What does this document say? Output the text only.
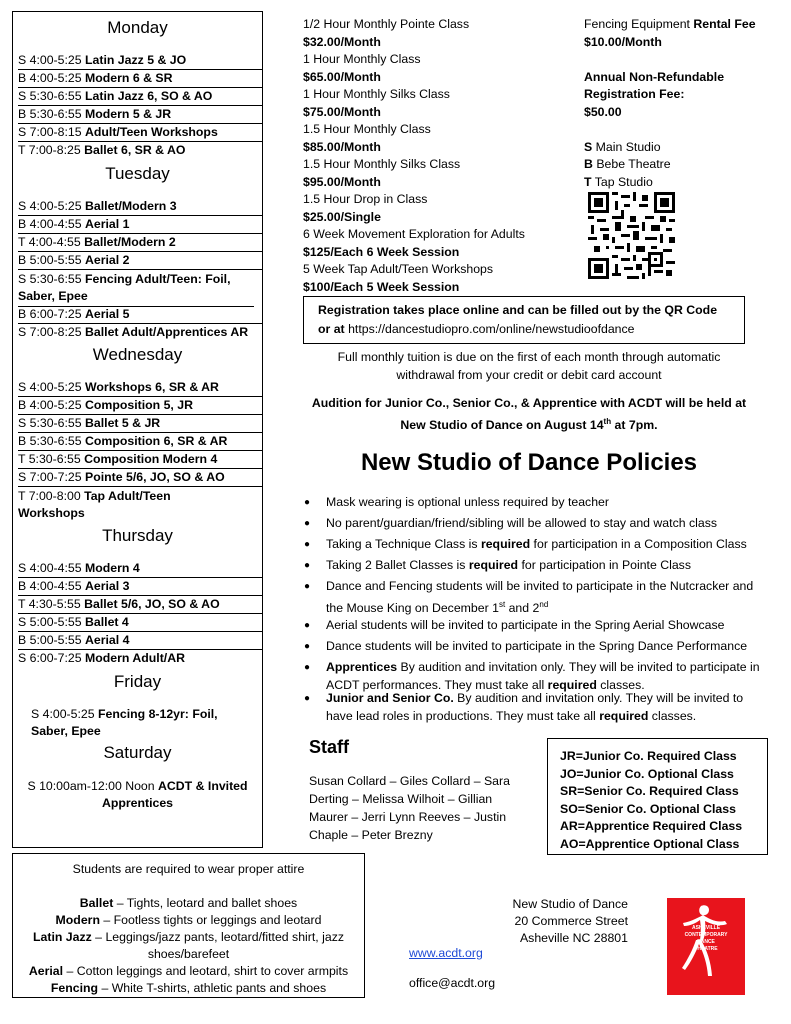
Monday
S 4:00-5:25 Latin Jazz 5 & JO
B 4:00-5:25 Modern 6 & SR
S 5:30-6:55 Latin Jazz 6, SO & AO
B 5:30-6:55 Modern 5 & JR
S 7:00-8:15 Adult/Teen Workshops
T 7:00-8:25 Ballet 6, SR & AO
Tuesday
S 4:00-5:25 Ballet/Modern 3
B 4:00-4:55 Aerial 1
T 4:00-4:55 Ballet/Modern 2
B 5:00-5:55 Aerial 2
S 5:30-6:55 Fencing Adult/Teen: Foil, Saber, Epee
B 6:00-7:25 Aerial 5
S 7:00-8:25 Ballet Adult/Apprentices AR
Wednesday
S 4:00-5:25 Workshops 6, SR & AR
B 4:00-5:25 Composition 5, JR
S 5:30-6:55 Ballet 5 & JR
B 5:30-6:55 Composition 6, SR & AR
T 5:30-6:55 Composition Modern 4
S 7:00-7:25 Pointe 5/6, JO, SO & AO
T 7:00-8:00 Tap Adult/Teen Workshops
Thursday
S 4:00-4:55 Modern 4
B 4:00-4:55 Aerial 3
T 4:30-5:55 Ballet 5/6, JO, SO & AO
S 5:00-5:55 Ballet 4
B 5:00-5:55 Aerial 4
S 6:00-7:25 Modern Adult/AR
Friday
S 4:00-5:25 Fencing 8-12yr: Foil, Saber, Epee
Saturday
S 10:00am-12:00 Noon ACDT & Invited Apprentices
1/2 Hour Monthly Pointe Class
$32.00/Month
1 Hour Monthly Class
$65.00/Month
1 Hour Monthly Silks Class
$75.00/Month
1.5 Hour Monthly Class
$85.00/Month
1.5 Hour Monthly Silks Class
$95.00/Month
1.5 Hour Drop in Class
$25.00/Single
6 Week Movement Exploration for Adults
$125/Each 6 Week Session
5 Week Tap Adult/Teen Workshops
$100/Each 5 Week Session
Fencing Equipment Rental Fee
$10.00/Month
Annual Non-Refundable
Registration Fee:
$50.00
S Main Studio
B Bebe Theatre
T Tap Studio
Registration takes place online and can be filled out by the QR Code
or at https://dancestudiopro.com/online/newstudioofdance
Full monthly tuition is due on the first of each month through automatic
withdrawal from your credit or debit card account
Audition for Junior Co., Senior Co., & Apprentice with ACDT will be held at
New Studio of Dance on August 14th at 7pm.
New Studio of Dance Policies
● Mask wearing is optional unless required by teacher
● No parent/guardian/friend/sibling will be allowed to stay and watch class
● Taking a Technique Class is required for participation in a Composition Class
● Taking 2 Ballet Classes is required for participation in Pointe Class
● Dance and Fencing students will be invited to participate in the Nutcracker and the Mouse King on December 1st and 2nd
● Aerial students will be invited to participate in the Spring Aerial Showcase
● Dance students will be invited to participate in the Spring Dance Performance
● Apprentices By audition and invitation only. They will be invited to participate in ACDT performances. They must take all required classes.
● Junior and Senior Co. By audition and invitation only. They will be invited to have lead roles in productions. They must take all required classes.
Staff
Susan Collard – Giles Collard – Sara Derting – Melissa Wilhoit – Gillian Maurer – Jerri Lynn Reeves – Justin Chaple – Peter Brezny
JR=Junior Co. Required Class
JO=Junior Co. Optional Class
SR=Senior Co. Required Class
SO=Senior Co. Optional Class
AR=Apprentice Required Class
AO=Apprentice Optional Class
Students are required to wear proper attire
Ballet – Tights, leotard and ballet shoes
Modern – Footless tights or leggings and leotard
Latin Jazz – Leggings/jazz pants, leotard/fitted shirt, jazz shoes/barefeet
Aerial – Cotton leggings and leotard, shirt to cover armpits
Fencing – White T-shirts, athletic pants and shoes
New Studio of Dance
20 Commerce Street
Asheville NC 28801
www.acdt.org
office@acdt.org
ASHEVILLE
CONTEMPORARY
DANCE
THEATRE
